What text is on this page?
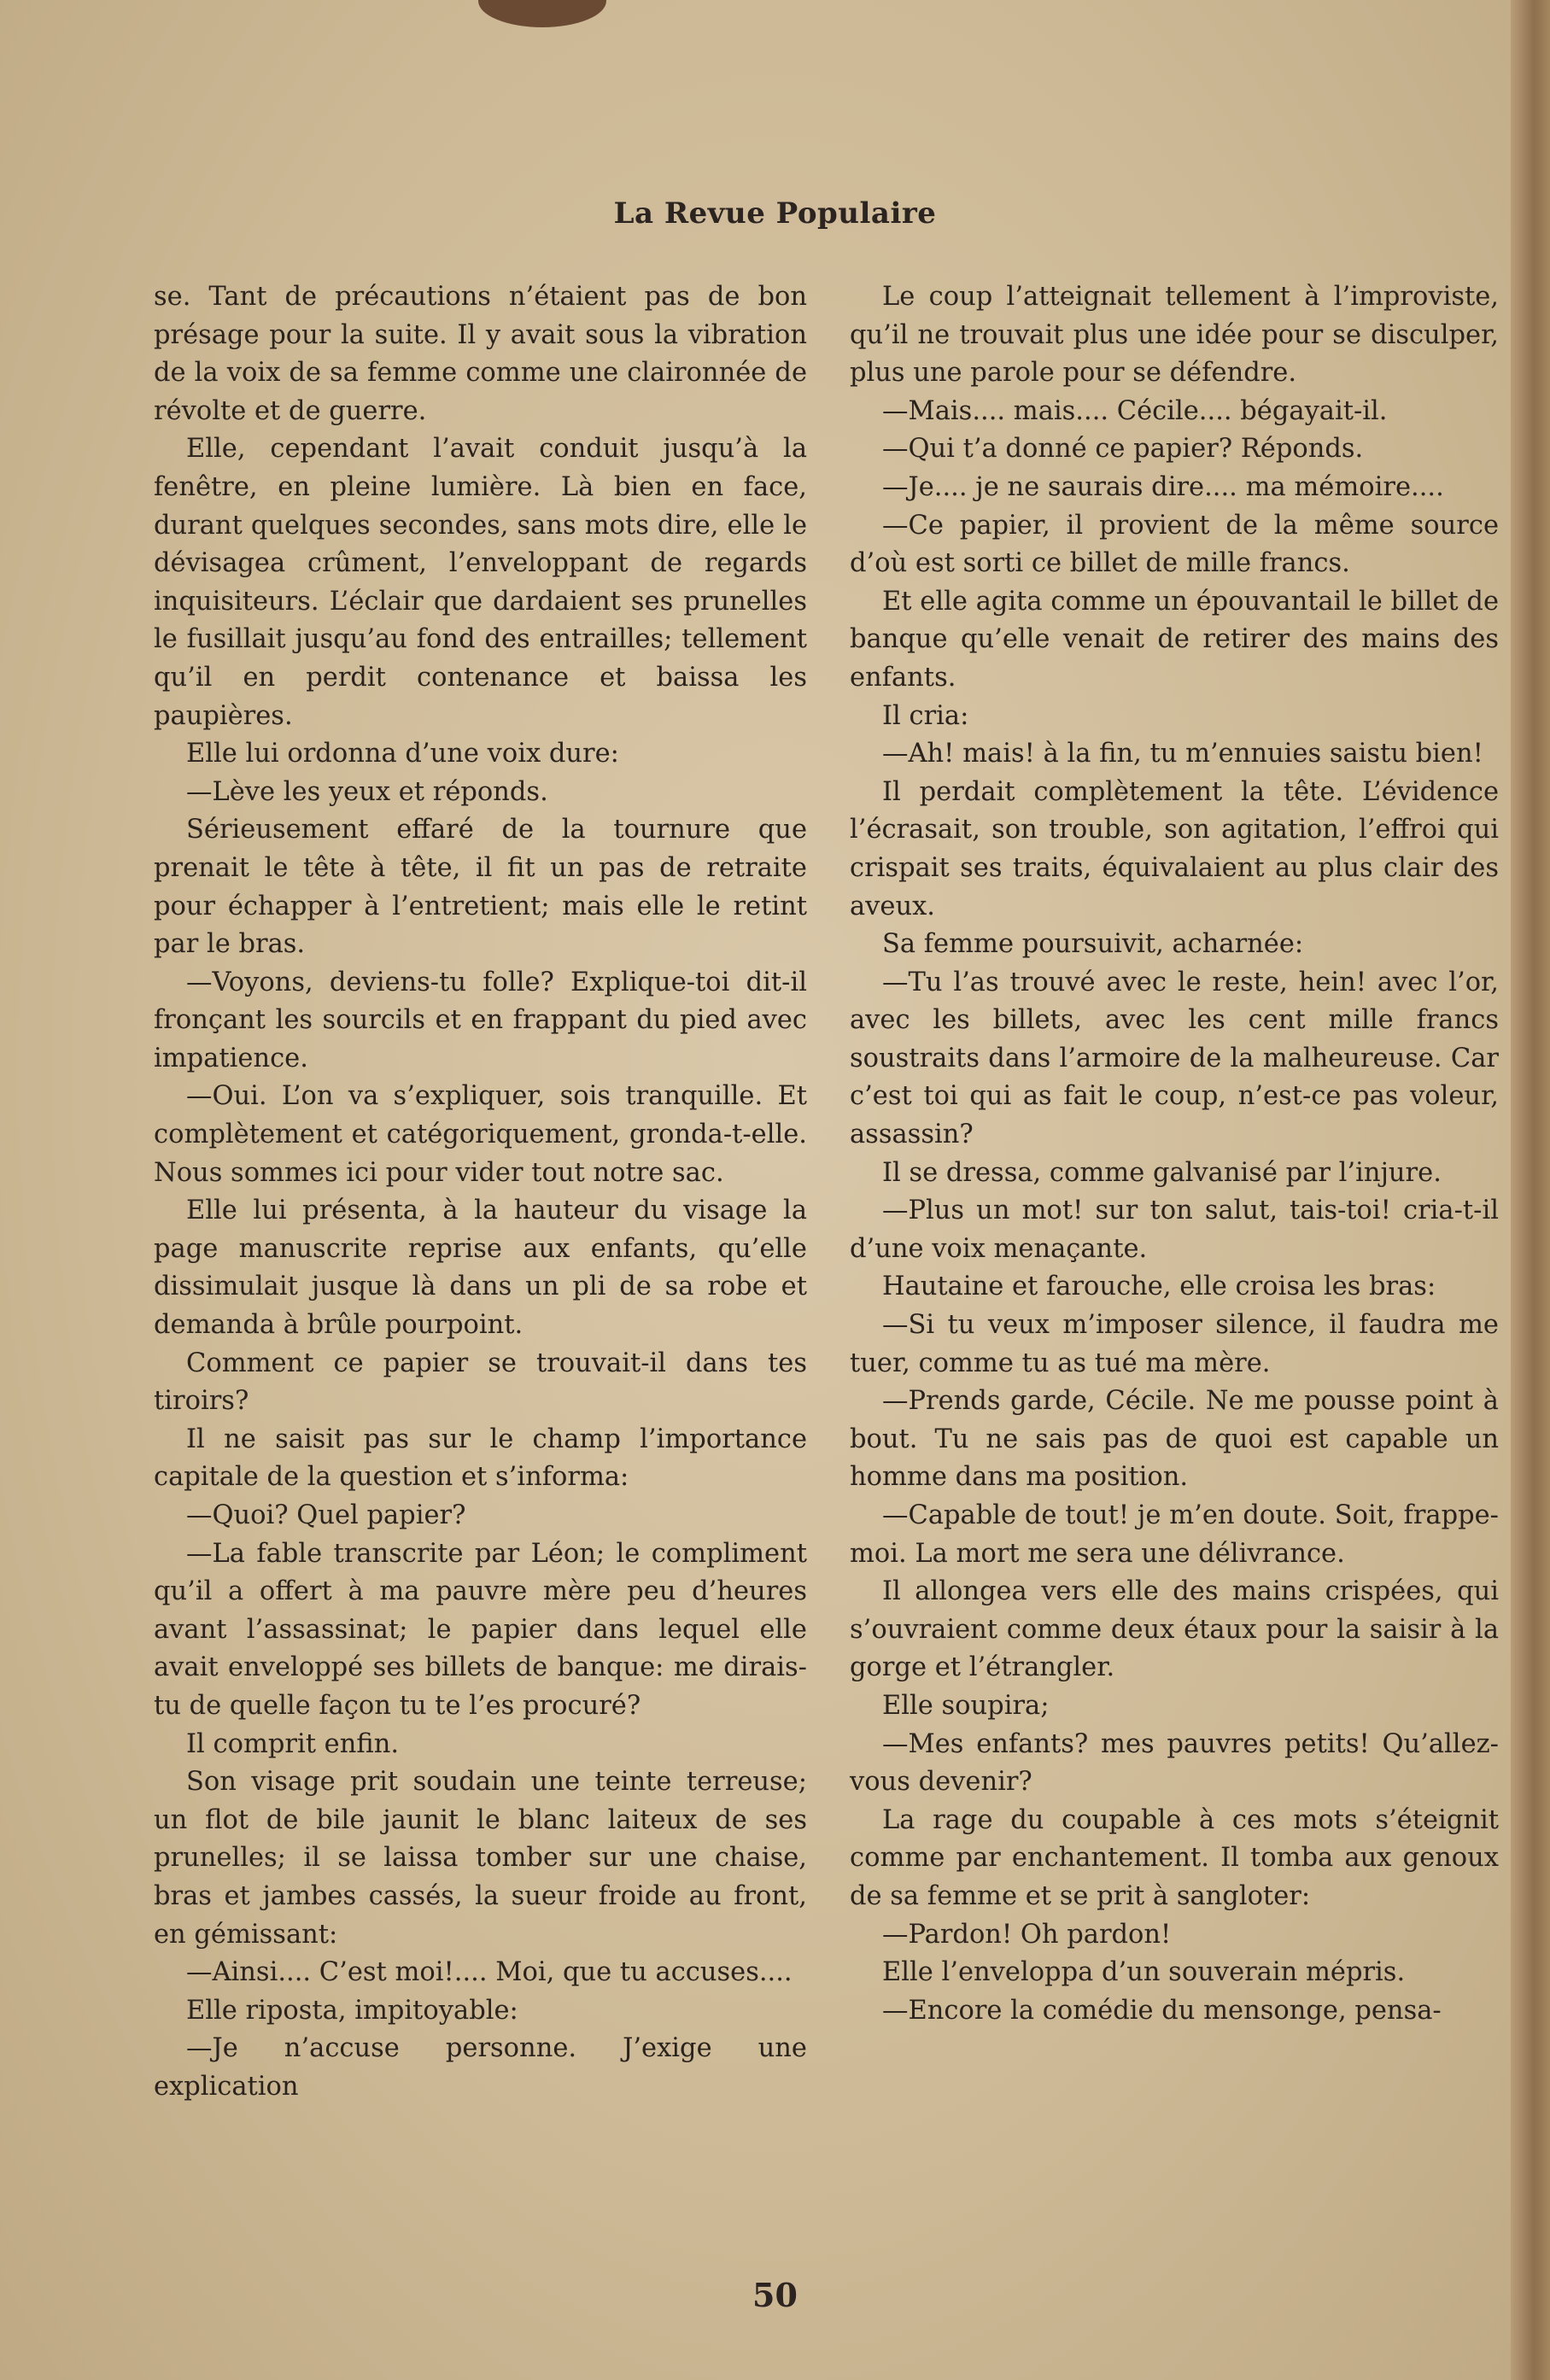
La Revue Populaire

se. Tant de précautions n’étaient pas de bon présage pour la suite. Il y avait sous la vibration de la voix de sa femme comme une claironnée de révolte et de guerre.

Elle, cependant l’avait conduit jusqu’à la fenêtre, en pleine lumière. Là bien en face, durant quelques secondes, sans mots dire, elle le dévisagea crûment, l’enveloppant de regards inquisiteurs. L’éclair que dardaient ses prunelles le fusillait jusqu’au fond des entrailles; tellement qu’il en perdit contenance et baissa les paupières.

Elle lui ordonna d’une voix dure:

—Lève les yeux et réponds.

Sérieusement effaré de la tournure que prenait le tête à tête, il fit un pas de retraite pour échapper à l’entretient; mais elle le retint par le bras.

—Voyons, deviens-tu folle? Explique-toi dit-il fronçant les sourcils et en frappant du pied avec impatience.

—Oui. L’on va s’expliquer, sois tranquille. Et complètement et catégoriquement, gronda-t-elle. Nous sommes ici pour vider tout notre sac.

Elle lui présenta, à la hauteur du visage la page manuscrite reprise aux enfants, qu’elle dissimulait jusque là dans un pli de sa robe et demanda à brûle pourpoint.

Comment ce papier se trouvait-il dans tes tiroirs?

Il ne saisit pas sur le champ l’importance capitale de la question et s’informa:

—Quoi? Quel papier?

—La fable transcrite par Léon; le compliment qu’il a offert à ma pauvre mère peu d’heures avant l’assassinat; le papier dans lequel elle avait enveloppé ses billets de banque: me dirais-tu de quelle façon tu te l’es procuré?

Il comprit enfin.

Son visage prit soudain une teinte terreuse; un flot de bile jaunit le blanc laiteux de ses prunelles; il se laissa tomber sur une chaise, bras et jambes cassés, la sueur froide au front, en gémissant:

—Ainsi.... C’est moi!.... Moi, que tu accuses....

Elle riposta, impitoyable:

—Je n’accuse personne. J’exige une explication

Le coup l’atteignait tellement à l’improviste, qu’il ne trouvait plus une idée pour se disculper, plus une parole pour se défendre.

—Mais.... mais.... Cécile.... bégayait-il.

—Qui t’a donné ce papier? Réponds.

—Je.... je ne saurais dire.... ma mémoire....

—Ce papier, il provient de la même source d’où est sorti ce billet de mille francs.

Et elle agita comme un épouvantail le billet de banque qu’elle venait de retirer des mains des enfants.

Il cria:

—Ah! mais! à la fin, tu m’ennuies saistu bien!

Il perdait complètement la tête. L’évidence l’écrasait, son trouble, son agitation, l’effroi qui crispait ses traits, équivalaient au plus clair des aveux.

Sa femme poursuivit, acharnée:

—Tu l’as trouvé avec le reste, hein! avec l’or, avec les billets, avec les cent mille francs soustraits dans l’armoire de la malheureuse. Car c’est toi qui as fait le coup, n’est-ce pas voleur, assassin?

Il se dressa, comme galvanisé par l’injure.

—Plus un mot! sur ton salut, tais-toi! cria-t-il d’une voix menaçante.

Hautaine et farouche, elle croisa les bras:

—Si tu veux m’imposer silence, il faudra me tuer, comme tu as tué ma mère.

—Prends garde, Cécile. Ne me pousse point à bout. Tu ne sais pas de quoi est capable un homme dans ma position.

—Capable de tout! je m’en doute. Soit, frappe-moi. La mort me sera une délivrance.

Il allongea vers elle des mains crispées, qui s’ouvraient comme deux étaux pour la saisir à la gorge et l’étrangler.

Elle soupira;

—Mes enfants? mes pauvres petits! Qu’allez-vous devenir?

La rage du coupable à ces mots s’éteignit comme par enchantement. Il tomba aux genoux de sa femme et se prit à sangloter:

—Pardon! Oh pardon!

Elle l’enveloppa d’un souverain mépris.

—Encore la comédie du mensonge, pensa-

50
